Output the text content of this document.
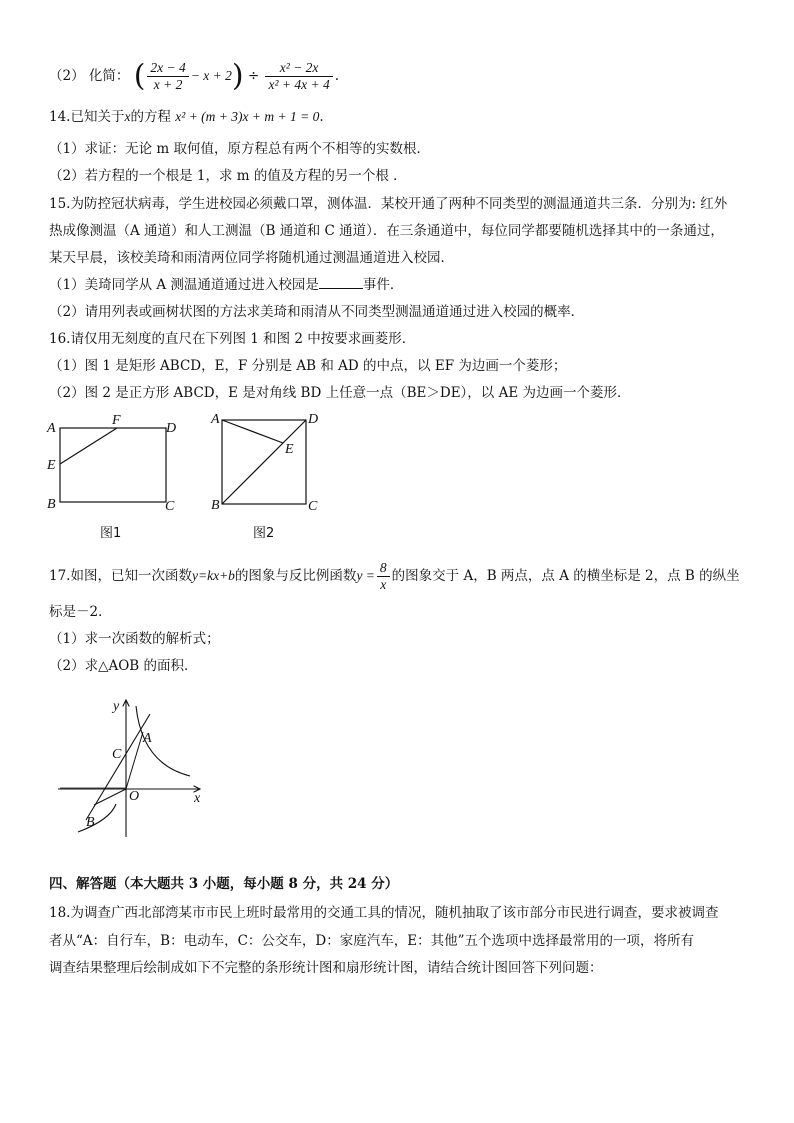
（2） 化简： ( $\frac{2x - 4}{x + 2} - x + 2) \div \frac{\text{x² − 2x}}{\text{x² + 4x + 4}}$ .
14.已知关于x的方程 x² + (m + 3)x + m + 1 = 0.
（1）求证：无论 m 取何值，原方程总有两个不相等的实数根．
（2）若方程的一个根是 1，求 m 的值及方程的另一个根 ．
15.为防控冠状病毒，学生进校园必须戴口罩，测体温．某校开通了两种不同类型的测温通道共三条．分别为: 红外
热成像测温（A 通道）和人工测温（B 通道和 C 通道）．在三条通道中，每位同学都要随机选择其中的一条通过，
某天早晨，该校美琦和雨清两位同学将随机通过测温通道进入校园．
（1）美琦同学从 A 测温通道通过进入校园是	事件．
（2）请用列表或画树状图的方法求美琦和雨清从不同类型测温通道通过进入校园的概率．
16.请仅用无刻度的直尺在下列图 1 和图 2 中按要求画菱形．
（1）图 1 是矩形 ABCD，E，F 分别是 AB 和 AD 的中点，以 EF 为边画一个菱形；
（2）图 2 是正方形 ABCD，E 是对角线 BD 上任意一点（BE＞DE），以 AE 为边画一个菱形．
A
F
D
E
B	C
图1
A	D
E
B	C
图2
17.如图，已知一次函数y=kx+b的图象与反比例函数$y = \frac{8}{x}$ 的图象交于 A，B 两点，点 A 的横坐标是 2，点 B 的纵坐
标是－2．
（1）求一次函数的解析式；
（2）求△AOB 的面积．
y
x
A
C
O
B
四、解答题（本大题共 3 小题，每小题 8 分，共 24 分）
18.为调查广西北部湾某市市民上班时最常用的交通工具的情况，随机抽取了该市部分市民进行调查，要求被调查
者从“A：自行车，B：电动车，C：公交车，D：家庭汽车，E：其他”五个选项中选择最常用的一项，将所有
调查结果整理后绘制成如下不完整的条形统计图和扇形统计图，请结合统计图回答下列问题：
